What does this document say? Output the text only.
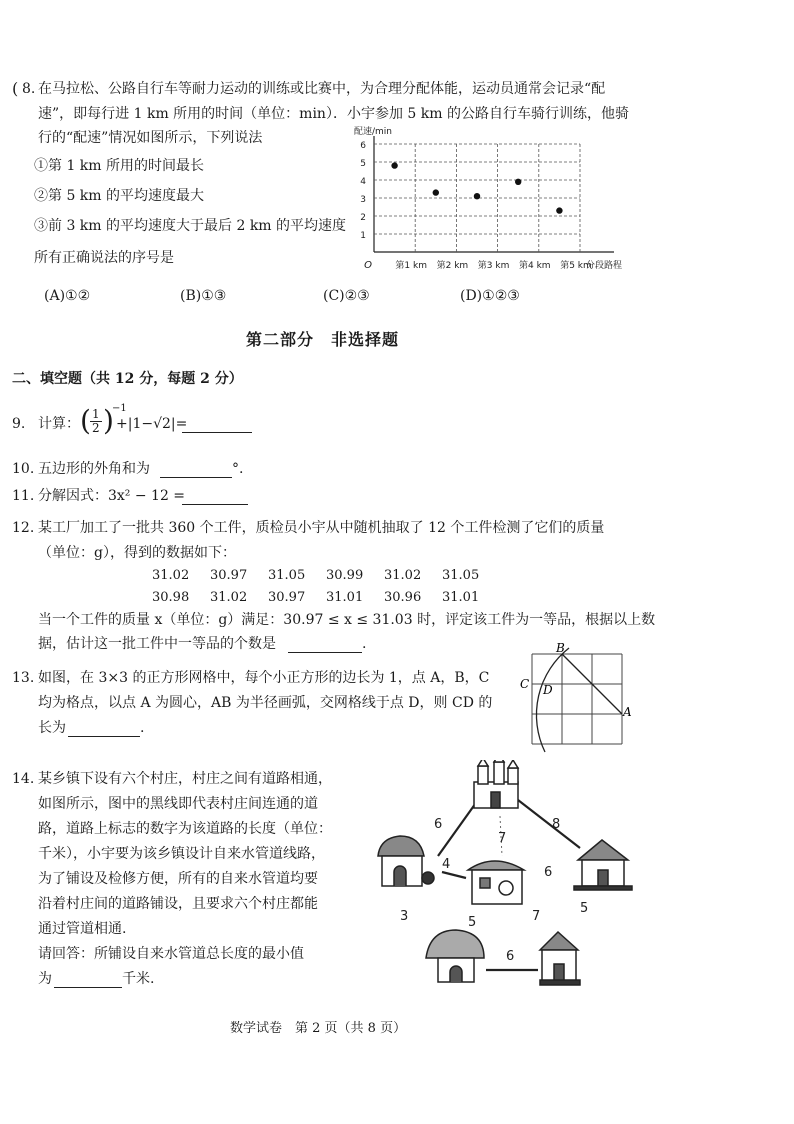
( 8. 在马拉松、公路自行车等耐力运动的训练或比赛中，为合理分配体能，运动员通常会记录“配
速”，即每行进 1 km 所用的时间（单位：min）．小宇参加 5 km 的公路自行车骑行训练，他骑
行的“配速”情况如图所示，下列说法
①第 1 km 所用的时间最长
②第 5 km 的平均速度最大
③前 3 km 的平均速度大于最后 2 km 的平均速度
所有正确说法的序号是
(A)①②	(B)①③	(C)②③	(D)①②③
1
2
3
4
5
6
第1 km 第2 km 第3 km 第4 km 第5 km
配速/min
分段路程
O
第二部分　非选择题
二、填空题（共 12 分，每题 2 分）
9. 计算： ( $\frac{1}{2}$ )
−1
+|1−√2|=
10. 五边形的外角和为	°.
11. 分解因式：3x² − 12 =
12. 某工厂加工了一批共 360 个工件，质检员小宇从中随机抽取了 12 个工件检测了它们的质量
（单位：g），得到的数据如下：
31.02 30.97 31.05 30.99 31.02 31.05
30.98 31.02 30.97 31.01 30.96 31.01
当一个工件的质量 x（单位：g）满足：30.97 ≤ x ≤ 31.03 时，评定该工件为一等品，根据以上数
据，估计这一批工件中一等品的个数是	.
13. 如图，在 3×3 的正方形网格中，每个小正方形的边长为 1，点 A，B，C
均为格点，以点 A 为圆心，AB 为半径画弧，交网格线于点 D，则 CD 的
长为	.
B
C D
A
14. 某乡镇下设有六个村庄，村庄之间有道路相通，
如图所示，图中的黑线即代表村庄间连通的道
路，道路上标志的数字为该道路的长度（单位：
千米），小宇要为该乡镇设计自来水管道线路，
为了铺设及检修方便，所有的自来水管道均要
沿着村庄间的道路铺设，且要求六个村庄都能
通过管道相通.
请回答：所铺设自来水管道总长度的最小值
为	千米.
6
7
8
4
6
3	5	7
5
6
数学试卷　第 2 页（共 8 页）
